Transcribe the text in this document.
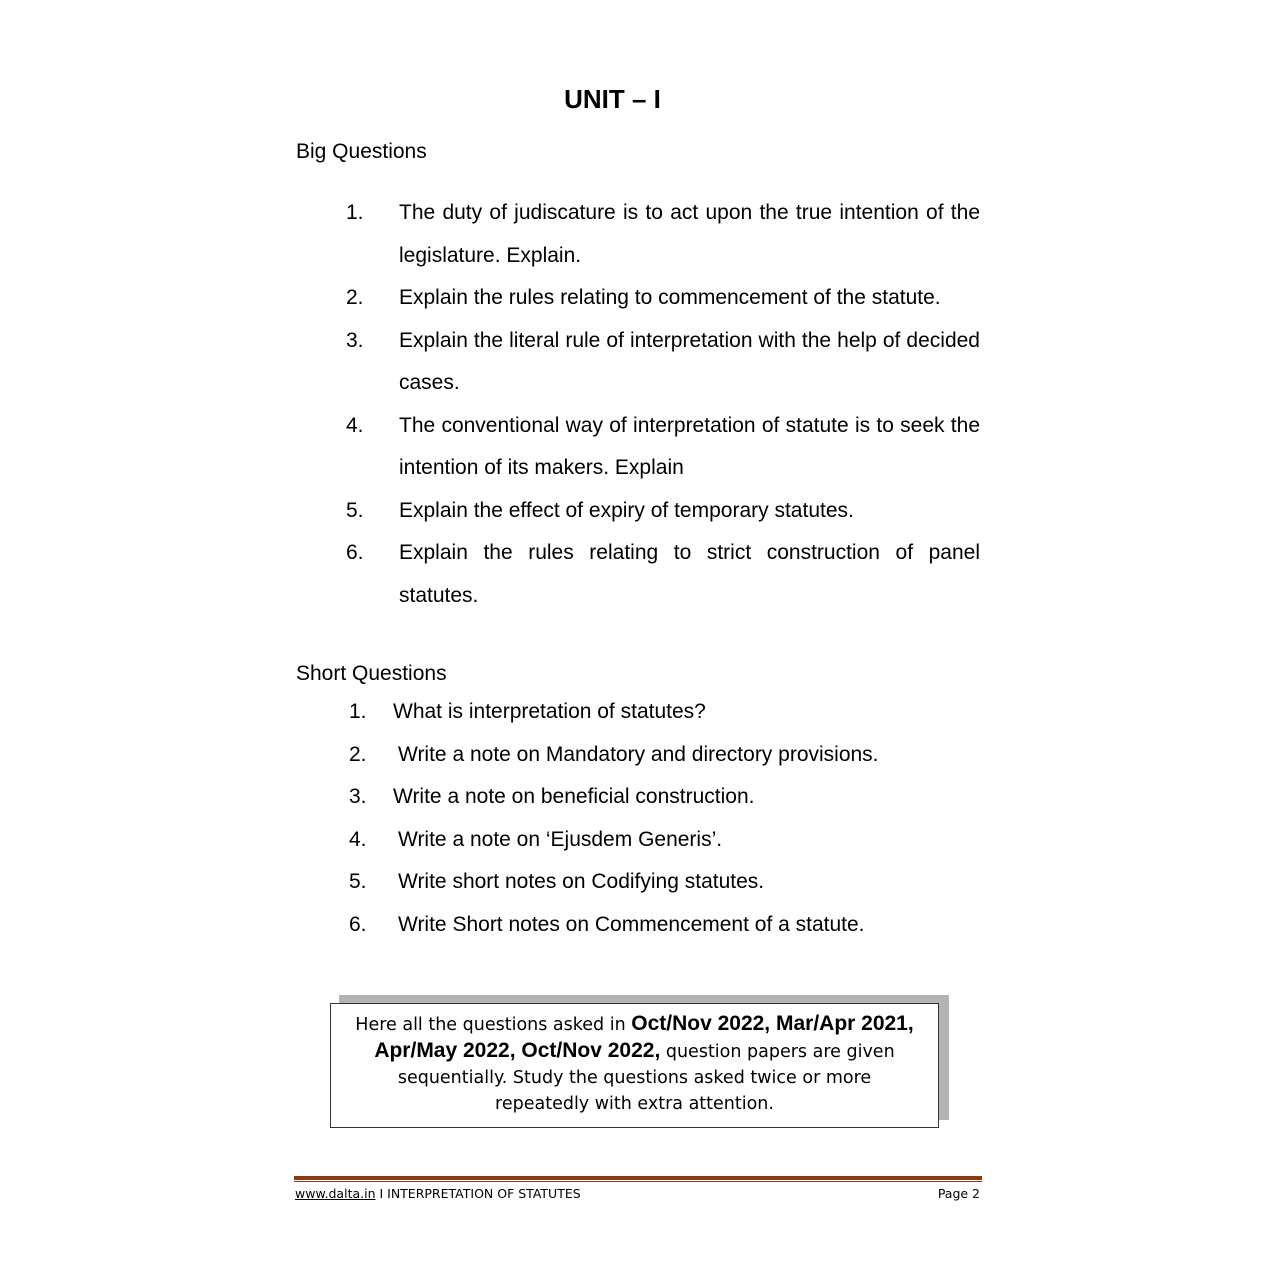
UNIT – I
Big Questions
1.	The duty of judiscature is to act upon the true intention of the legislature. Explain.
2.	Explain the rules relating to commencement of the statute.
3.	Explain the literal rule of interpretation with the help of decided cases.
4.	The conventional way of interpretation of statute is to seek the intention of its makers. Explain
5.	Explain the effect of expiry of temporary statutes.
6.	Explain the rules relating to strict construction of panel statutes.
Short Questions
1.	What is interpretation of statutes?
2.	Write a note on Mandatory and directory provisions.
3.	Write a note on beneficial construction.
4.	Write a note on ‘Ejusdem Generis’.
5.	Write short notes on Codifying statutes.
6.	Write Short notes on Commencement of a statute.
Here all the questions asked in Oct/Nov 2022, Mar/Apr 2021,
Apr/May 2022, Oct/Nov 2022, question papers are given
sequentially. Study the questions asked twice or more
repeatedly with extra attention.
www.dalta.in I INTERPRETATION OF STATUTES	Page 2
